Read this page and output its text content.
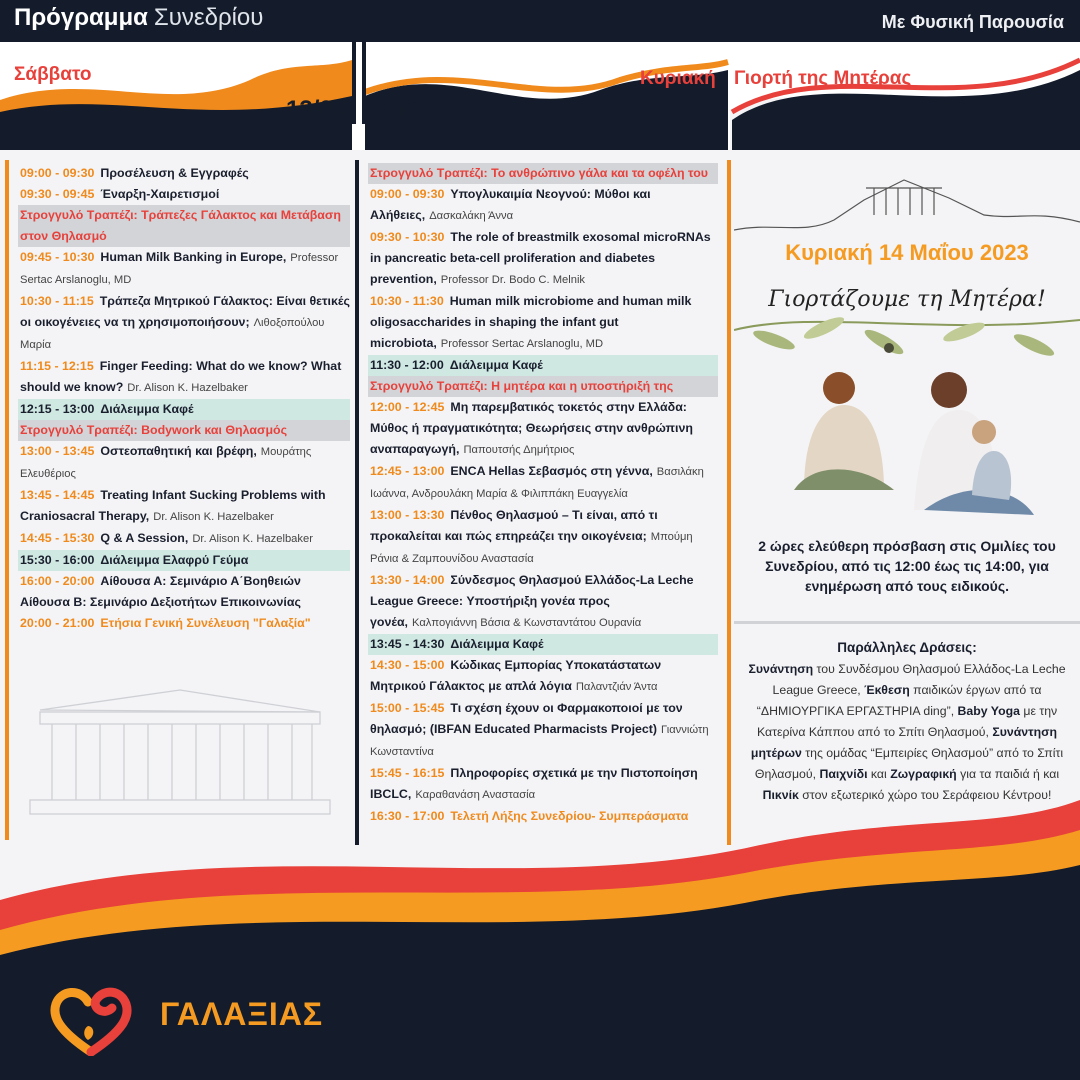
Πρόγραμμα Συνεδρίου	Με Φυσική Παρουσία
Σάββατο
13/05 14/05
Κυριακή Γιορτή της Μητέρας
09:00 - 09:30 Προσέλευση & Εγγραφές
09:30 - 09:45 Έναρξη-Χαιρετισμοί
Στρογγυλό Τραπέζι: Τράπεζες Γάλακτος και Μετάβαση στον Θηλασμό
09:45 - 10:30 Human Milk Banking in Europe, Professor Sertac Arslanoglu, MD
10:30 - 11:15 Τράπεζα Μητρικού Γάλακτος: Είναι θετικές οι οικογένειες να τη χρησιμοποιήσουν; Λιθοξοπούλου Μαρία
11:15 - 12:15 Finger Feeding: What do we know? What should we know? Dr. Alison K. Hazelbaker
12:15 - 13:00 Διάλειμμα Καφέ
Στρογγυλό Τραπέζι: Bodywork και Θηλασμός
13:00 - 13:45 Οστεοπαθητική και βρέφη, Μουράτης Ελευθέριος
13:45 - 14:45 Treating Infant Sucking Problems with Craniosacral Therapy, Dr. Alison K. Hazelbaker
14:45 - 15:30 Q & A Session, Dr. Alison K. Hazelbaker
15:30 - 16:00 Διάλειμμα Ελαφρύ Γεύμα
16:00 - 20:00 Αίθουσα Α: Σεμινάριο Α΄Βοηθειών Αίθουσα Β: Σεμινάριο Δεξιοτήτων Επικοινωνίας
20:00 - 21:00 Ετήσια Γενική Συνέλευση "Γαλαξία"
Στρογγυλό Τραπέζι: Το ανθρώπινο γάλα και τα οφέλη του
09:00 - 09:30 Υπογλυκαιμία Νεογνού: Μύθοι και Αλήθειες, Δασκαλάκη Άννα
09:30 - 10:30 The role of breastmilk exosomal microRNAs in pancreatic beta-cell proliferation and diabetes prevention, Professor Dr. Bodo C. Melnik
10:30 - 11:30 Human milk microbiome and human milk oligosaccharides in shaping the infant gut microbiota, Professor Sertac Arslanoglu, MD
11:30 - 12:00 Διάλειμμα Καφέ
Στρογγυλό Τραπέζι: Η μητέρα και η υποστήριξή της
12:00 - 12:45 Μη παρεμβατικός τοκετός στην Ελλάδα: Μύθος ή πραγματικότητα; Θεωρήσεις στην ανθρώπινη αναπαραγωγή, Παπουτσής Δημήτριος
12:45 - 13:00 ENCA Hellas Σεβασμός στη γέννα, Βασιλάκη Ιωάννα, Ανδρουλάκη Μαρία & Φιλιππάκη Ευαγγελία
13:00 - 13:30 Πένθος Θηλασμού – Τι είναι, από τι προκαλείται και πώς επηρεάζει την οικογένεια; Μπούμη Ράνια & Ζαμπουνίδου Αναστασία
13:30 - 14:00 Σύνδεσμος Θηλασμού Ελλάδος-La Leche League Greece: Υποστήριξη γονέα προς γονέα, Καλπογιάννη Βάσια & Κωνσταντάτου Ουρανία
13:45 - 14:30 Διάλειμμα Καφέ
14:30 - 15:00 Κώδικας Εμπορίας Υποκατάστατων Μητρικού Γάλακτος με απλά λόγια Παλαντζιάν Άντα
15:00 - 15:45 Τι σχέση έχουν οι Φαρμακοποιοί με τον θηλασμό; (IBFAN Educated Pharmacists Project) Γιαννιώτη Κωνσταντίνα
15:45 - 16:15 Πληροφορίες σχετικά με την Πιστοποίηση IBCLC, Καραθανάση Αναστασία
16:30 - 17:00 Τελετή Λήξης Συνεδρίου- Συμπεράσματα
Κυριακή 14 Μαΐου 2023
Γιορτάζουμε τη Μητέρα!
2 ώρες ελεύθερη πρόσβαση στις Ομιλίες του Συνεδρίου, από τις 12:00 έως τις 14:00, για ενημέρωση από τους ειδικούς.
Παράλληλες Δράσεις:
Συνάντηση του Συνδέσμου Θηλασμού Ελλάδος-La Leche League Greece, Έκθεση παιδικών έργων από τα “ΔΗΜΙΟΥΡΓΙΚΑ ΕΡΓΑΣΤΗΡΙΑ ding”, Baby Yoga με την Κατερίνα Κάππου από το Σπίτι Θηλασμού, Συνάντηση μητέρων της ομάδας “Εμπειρίες Θηλασμού” από το Σπίτι Θηλασμού, Παιχνίδι και Ζωγραφική για τα παιδιά ή και Πικνίκ στον εξωτερικό χώρο του Σεράφειου Κέντρου!
ΓΑΛΑΞΙΑΣ
